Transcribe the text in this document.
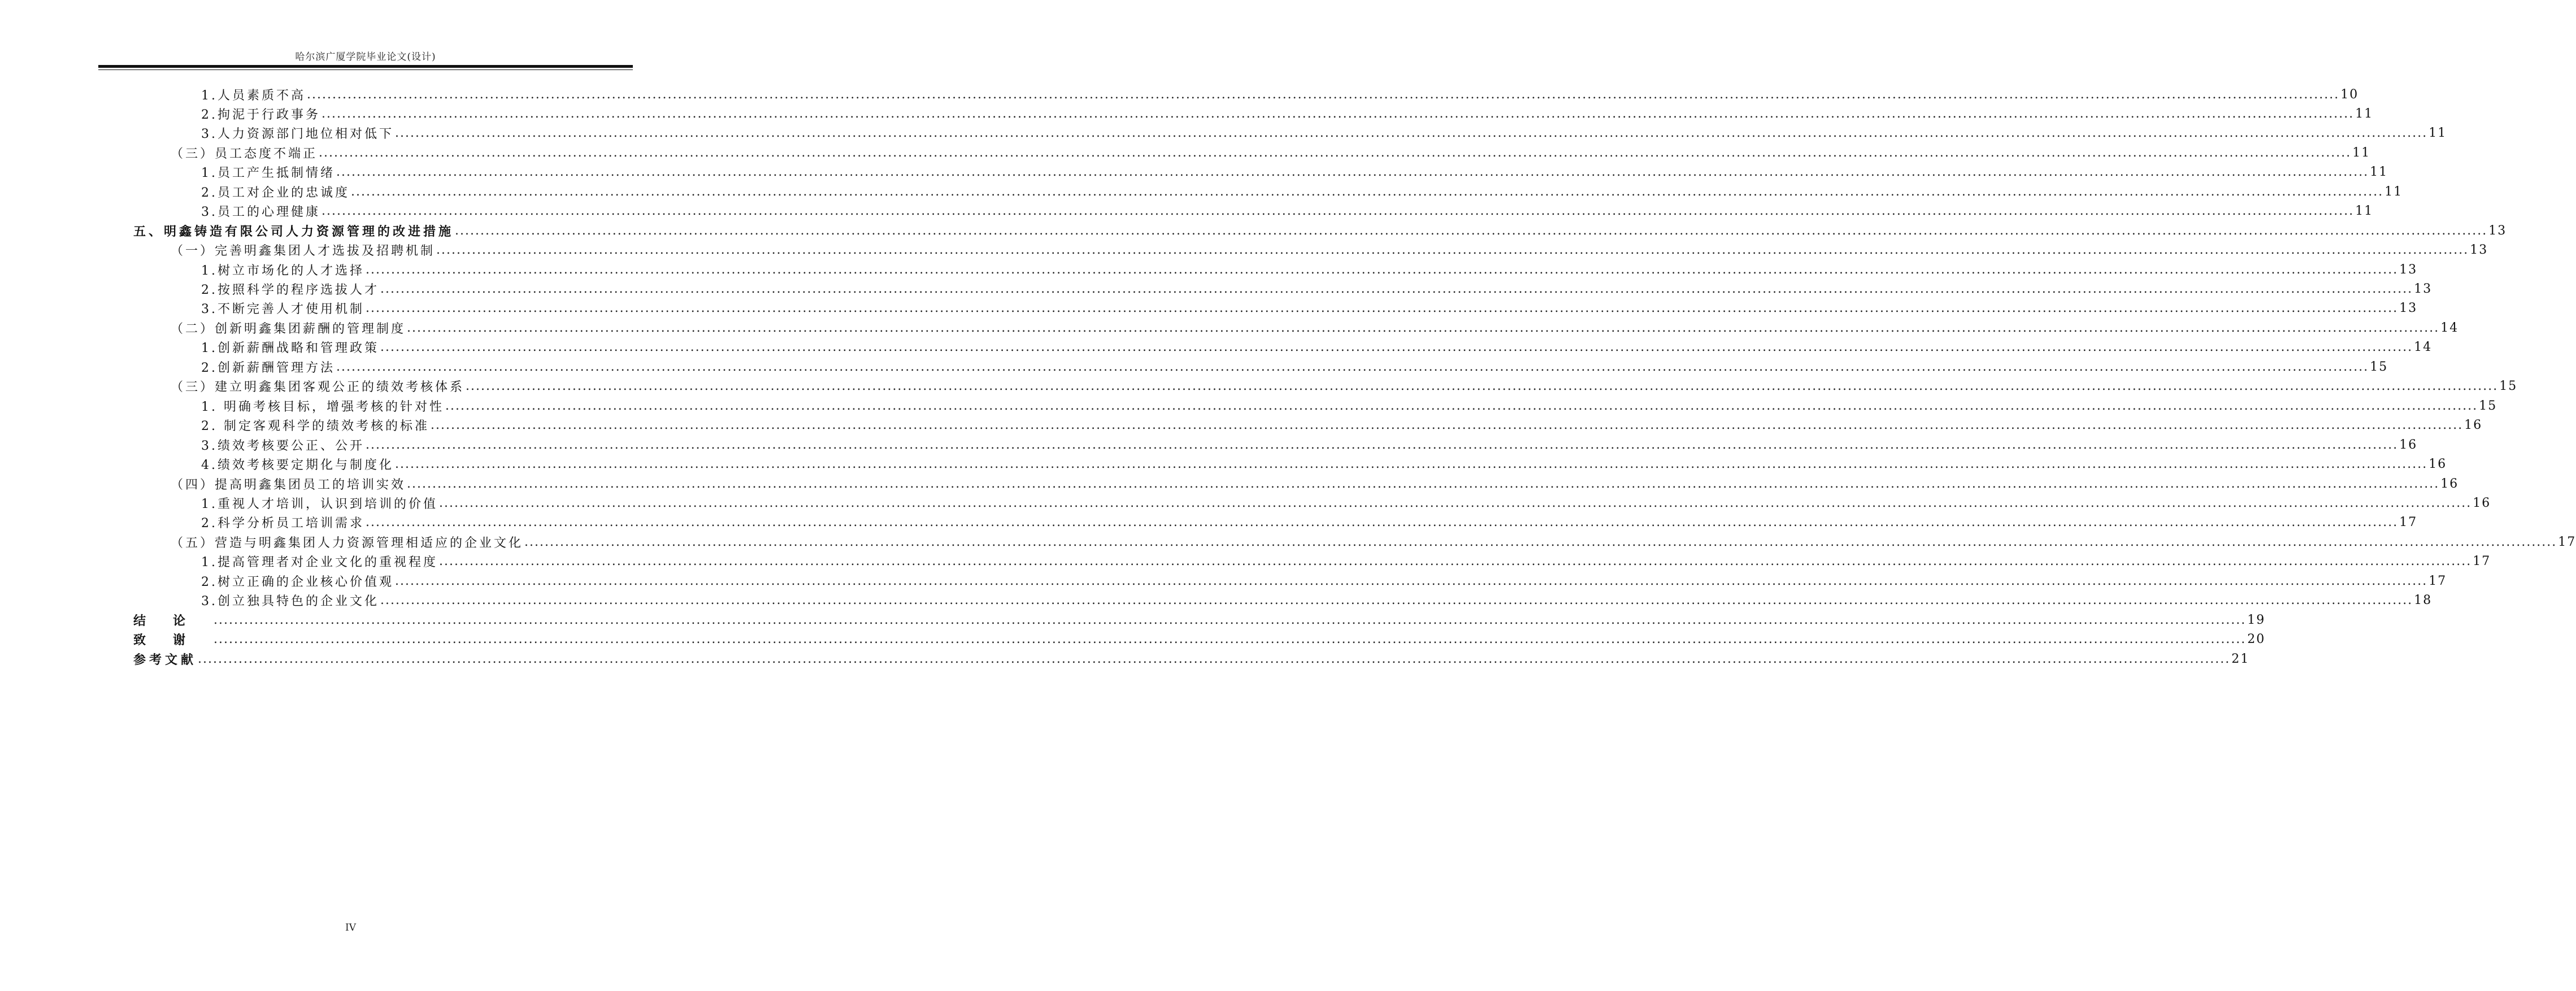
哈尔滨广厦学院毕业论文(设计)
1.人员素质不高 ................................................................................................................................................................................................................................................................................................................................................................................................................ 10
2.拘泥于行政事务 ................................................................................................................................................................................................................................................................................................................................................................................................................ 11
3.人力资源部门地位相对低下 ................................................................................................................................................................................................................................................................................................................................................................................................................ 11
（三）员工态度不端正 ................................................................................................................................................................................................................................................................................................................................................................................................................ 11
1.员工产生抵制情绪 ................................................................................................................................................................................................................................................................................................................................................................................................................ 11
2.员工对企业的忠诚度 ................................................................................................................................................................................................................................................................................................................................................................................................................ 11
3.员工的心理健康 ................................................................................................................................................................................................................................................................................................................................................................................................................ 11
五、明鑫铸造有限公司人力资源管理的改进措施 ................................................................................................................................................................................................................................................................................................................................................................................................................ 13
（一）完善明鑫集团人才选拔及招聘机制 ................................................................................................................................................................................................................................................................................................................................................................................................................ 13
1.树立市场化的人才选择 ................................................................................................................................................................................................................................................................................................................................................................................................................ 13
2.按照科学的程序选拔人才 ................................................................................................................................................................................................................................................................................................................................................................................................................ 13
3.不断完善人才使用机制 ................................................................................................................................................................................................................................................................................................................................................................................................................ 13
（二）创新明鑫集团薪酬的管理制度 ................................................................................................................................................................................................................................................................................................................................................................................................................ 14
1.创新薪酬战略和管理政策 ................................................................................................................................................................................................................................................................................................................................................................................................................ 14
2.创新薪酬管理方法 ................................................................................................................................................................................................................................................................................................................................................................................................................ 15
（三）建立明鑫集团客观公正的绩效考核体系 ................................................................................................................................................................................................................................................................................................................................................................................................................ 15
1. 明确考核目标，增强考核的针对性 ................................................................................................................................................................................................................................................................................................................................................................................................................ 15
2. 制定客观科学的绩效考核的标准 ................................................................................................................................................................................................................................................................................................................................................................................................................ 16
3.绩效考核要公正、公开 ................................................................................................................................................................................................................................................................................................................................................................................................................ 16
4.绩效考核要定期化与制度化 ................................................................................................................................................................................................................................................................................................................................................................................................................ 16
（四）提高明鑫集团员工的培训实效 ................................................................................................................................................................................................................................................................................................................................................................................................................ 16
1.重视人才培训，认识到培训的价值 ................................................................................................................................................................................................................................................................................................................................................................................................................ 16
2.科学分析员工培训需求 ................................................................................................................................................................................................................................................................................................................................................................................................................ 17
（五）营造与明鑫集团人力资源管理相适应的企业文化 ................................................................................................................................................................................................................................................................................................................................................................................................................ 17
1.提高管理者对企业文化的重视程度 ................................................................................................................................................................................................................................................................................................................................................................................................................ 17
2.树立正确的企业核心价值观 ................................................................................................................................................................................................................................................................................................................................................................................................................ 17
3.创立独具特色的企业文化 ................................................................................................................................................................................................................................................................................................................................................................................................................ 18
结论 ................................................................................................................................................................................................................................................................................................................................................................................................................ 19
致谢 ................................................................................................................................................................................................................................................................................................................................................................................................................ 20
参考文献 ................................................................................................................................................................................................................................................................................................................................................................................................................ 21
IV
